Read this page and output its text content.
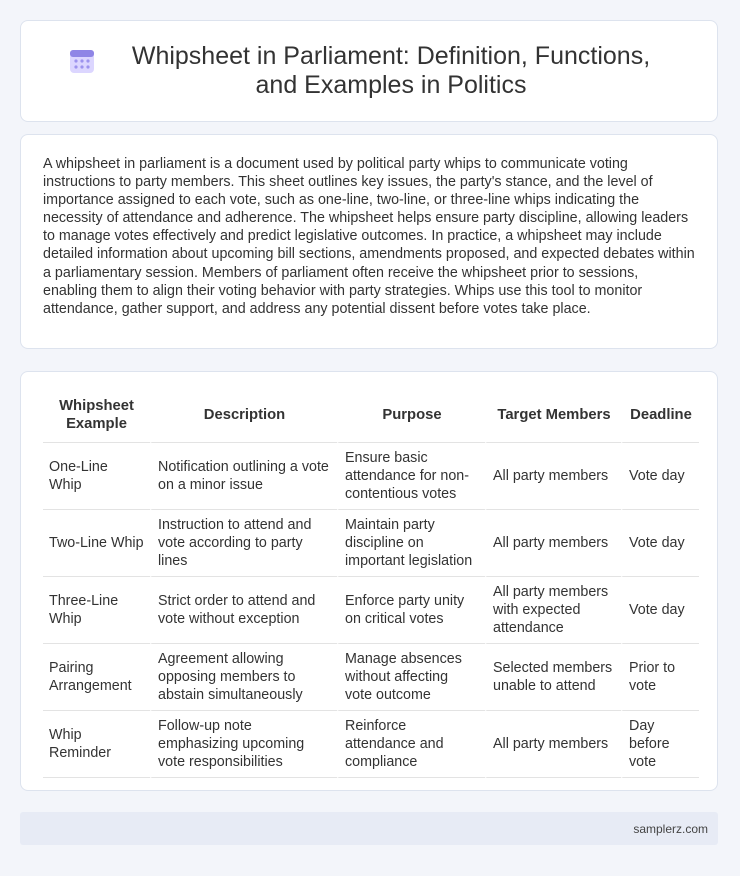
Whipsheet in Parliament: Definition, Functions, and Examples in Politics

A whipsheet in parliament is a document used by political party whips to communicate voting instructions to party members. This sheet outlines key issues, the party's stance, and the level of importance assigned to each vote, such as one-line, two-line, or three-line whips indicating the necessity of attendance and adherence. The whipsheet helps ensure party discipline, allowing leaders to manage votes effectively and predict legislative outcomes. In practice, a whipsheet may include detailed information about upcoming bill sections, amendments proposed, and expected debates within a parliamentary session. Members of parliament often receive the whipsheet prior to sessions, enabling them to align their voting behavior with party strategies. Whips use this tool to monitor attendance, gather support, and address any potential dissent before votes take place.

Whipsheet Example	Description	Purpose	Target Members	Deadline
One-Line Whip	Notification outlining a vote on a minor issue	Ensure basic attendance for non-contentious votes	All party members	Vote day
Two-Line Whip	Instruction to attend and vote according to party lines	Maintain party discipline on important legislation	All party members	Vote day
Three-Line Whip	Strict order to attend and vote without exception	Enforce party unity on critical votes	All party members with expected attendance	Vote day
Pairing Arrangement	Agreement allowing opposing members to abstain simultaneously	Manage absences without affecting vote outcome	Selected members unable to attend	Prior to vote
Whip Reminder	Follow-up note emphasizing upcoming vote responsibilities	Reinforce attendance and compliance	All party members	Day before vote
samplerz.com
